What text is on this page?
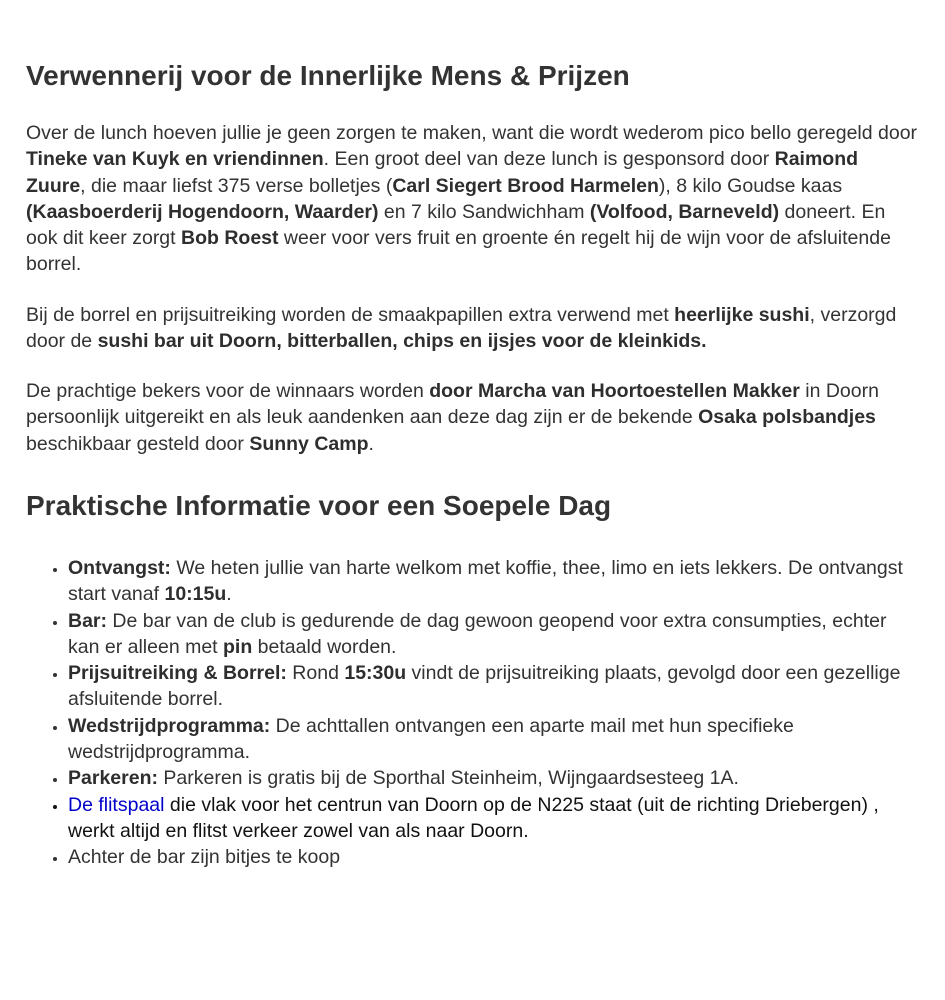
Verwennerij voor de Innerlijke Mens & Prijzen

Over de lunch hoeven jullie je geen zorgen te maken, want die wordt wederom pico bello geregeld door Tineke van Kuyk en vriendinnen. Een groot deel van deze lunch is gesponsord door Raimond Zuure, die maar liefst 375 verse bolletjes (Carl Siegert Brood Harmelen), 8 kilo Goudse kaas (Kaasboerderij Hogendoorn, Waarder) en 7 kilo Sandwichham (Volfood, Barneveld) doneert. En ook dit keer zorgt Bob Roest weer voor vers fruit en groente én regelt hij de wijn voor de afsluitende borrel.

Bij de borrel en prijsuitreiking worden de smaakpapillen extra verwend met heerlijke sushi, verzorgd door de sushi bar uit Doorn, bitterballen, chips en ijsjes voor de kleinkids.

De prachtige bekers voor de winnaars worden door Marcha van Hoortoestellen Makker in Doorn persoonlijk uitgereikt en als leuk aandenken aan deze dag zijn er de bekende Osaka polsbandjes beschikbaar gesteld door Sunny Camp.

Praktische Informatie voor een Soepele Dag
• Ontvangst: We heten jullie van harte welkom met koffie, thee, limo en iets lekkers. De ontvangst start vanaf 10:15u.
• Bar: De bar van de club is gedurende de dag gewoon geopend voor extra consumpties, echter kan er alleen met pin betaald worden.
• Prijsuitreiking & Borrel: Rond 15:30u vindt de prijsuitreiking plaats, gevolgd door een gezellige afsluitende borrel.
• Wedstrijdprogramma: De achttallen ontvangen een aparte mail met hun specifieke wedstrijdprogramma.
• Parkeren: Parkeren is gratis bij de Sporthal Steinheim, Wijngaardsesteeg 1A.
• De flitspaal die vlak voor het centrun van Doorn op de N225 staat (uit de richting Driebergen) , werkt altijd en flitst verkeer zowel van als naar Doorn.
• Achter de bar zijn bitjes te koop
